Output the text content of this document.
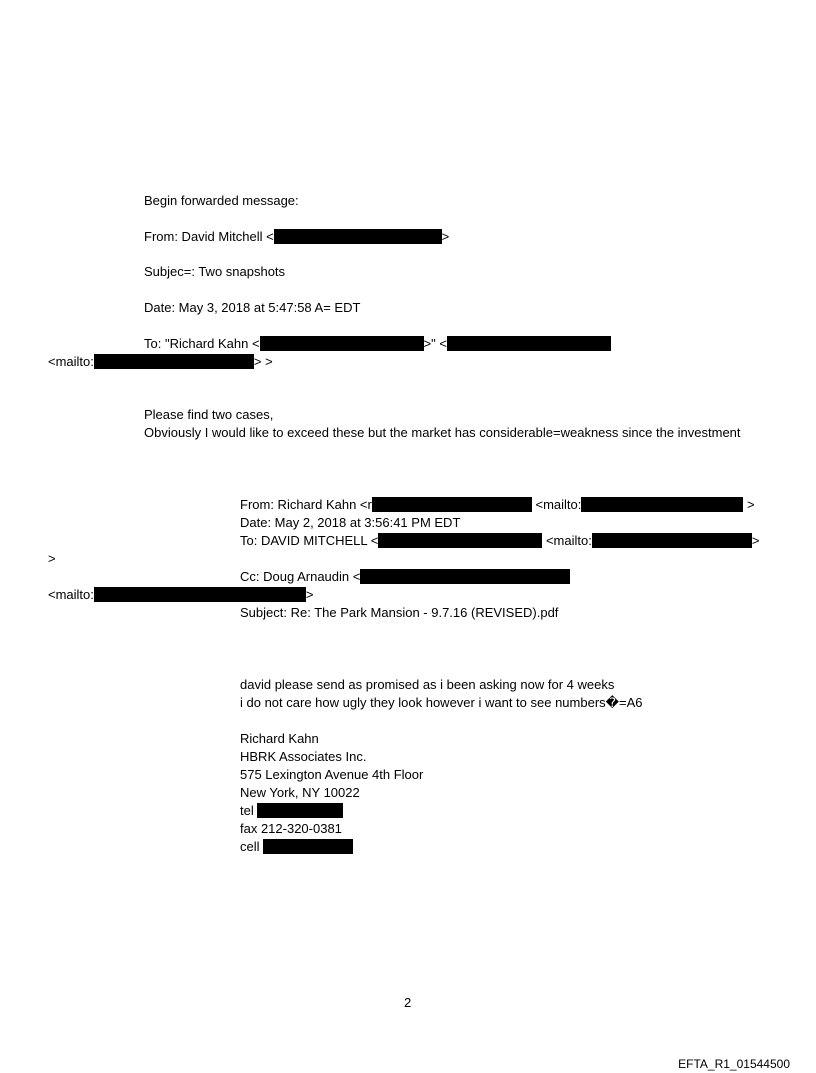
Begin forwarded message:
From: David Mitchell <	>
Subjec=: Two snapshots
Date: May 3, 2018 at 5:47:58 A= EDT
To: "Richard Kahn <	>" <
<mailto:	> >
Please find two cases,
Obviously I would like to exceed these but the market has considerable=weakness since the investment
From: Richard Kahn <r	<mailto:	>
Date: May 2, 2018 at 3:56:41 PM EDT
To: DAVID MITCHELL <	<mailto:	>
>
Cc: Doug Arnaudin <
<mailto:	>
Subject: Re: The Park Mansion - 9.7.16 (REVISED).pdf
david please send as promised as i been asking now for 4 weeks
i do not care how ugly they look however i want to see numbers�=A6
Richard Kahn
HBRK Associates Inc.
575 Lexington Avenue 4th Floor
New York, NY 10022
tel
fax 212-320-0381
cell
2
EFTA_R1_01544500
